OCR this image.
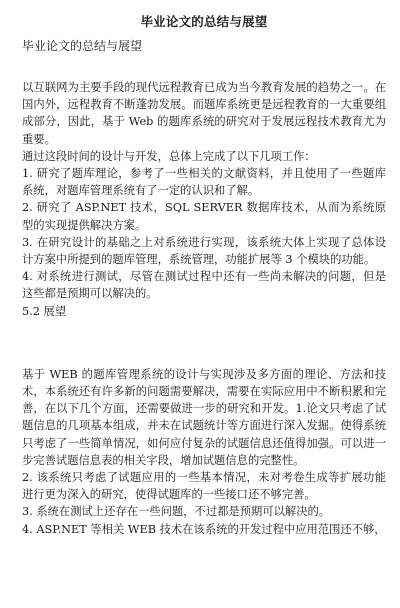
毕业论文的总结与展望
毕业论文的总结与展望

以互联网为主要手段的现代远程教育已成为当今教育发展的趋势之一。在国内外，远程教育不断蓬勃发展。而题库系统更是远程教育的一大重要组成部分，因此，基于 Web 的题库系统的研究对于发展远程技术教育尤为重要。

通过这段时间的设计与开发，总体上完成了以下几项工作：

1. 研究了题库理论，参考了一些相关的文献资料，并且使用了一些题库系统，对题库管理系统有了一定的认识和了解。

2. 研究了 ASP.NET 技术，SQL SERVER 数据库技术，从而为系统原型的实现提供解决方案。

3. 在研究设计的基础之上对系统进行实现，该系统大体上实现了总体设计方案中所提到的题库管理，系统管理，功能扩展等 3 个模块的功能。

4. 对系统进行测试，尽管在测试过程中还有一些尚未解决的问题，但是这些都是预期可以解决的。

5.2 展望

基于 WEB 的题库管理系统的设计与实现涉及多方面的理论、方法和技术，本系统还有许多新的问题需要解决，需要在实际应用中不断积累和完善，在以下几个方面，还需要做进一步的研究和开发。1.论文只考虑了试题信息的几项基本组成，并未在试题统计等方面进行深入发掘。使得系统只考虑了一些简单情况，如何应付复杂的试题信息还值得加强。可以进一步完善试题信息表的相关字段，增加试题信息的完整性。

2. 该系统只考虑了试题应用的一些基本情况，未对考卷生成等扩展功能进行更为深入的研究，使得试题库的一些接口还不够完善。

3. 系统在测试上还存在一些问题，不过都是预期可以解决的。

4. ASP.NET 等相关 WEB 技术在该系统的开发过程中应用范围还不够，
